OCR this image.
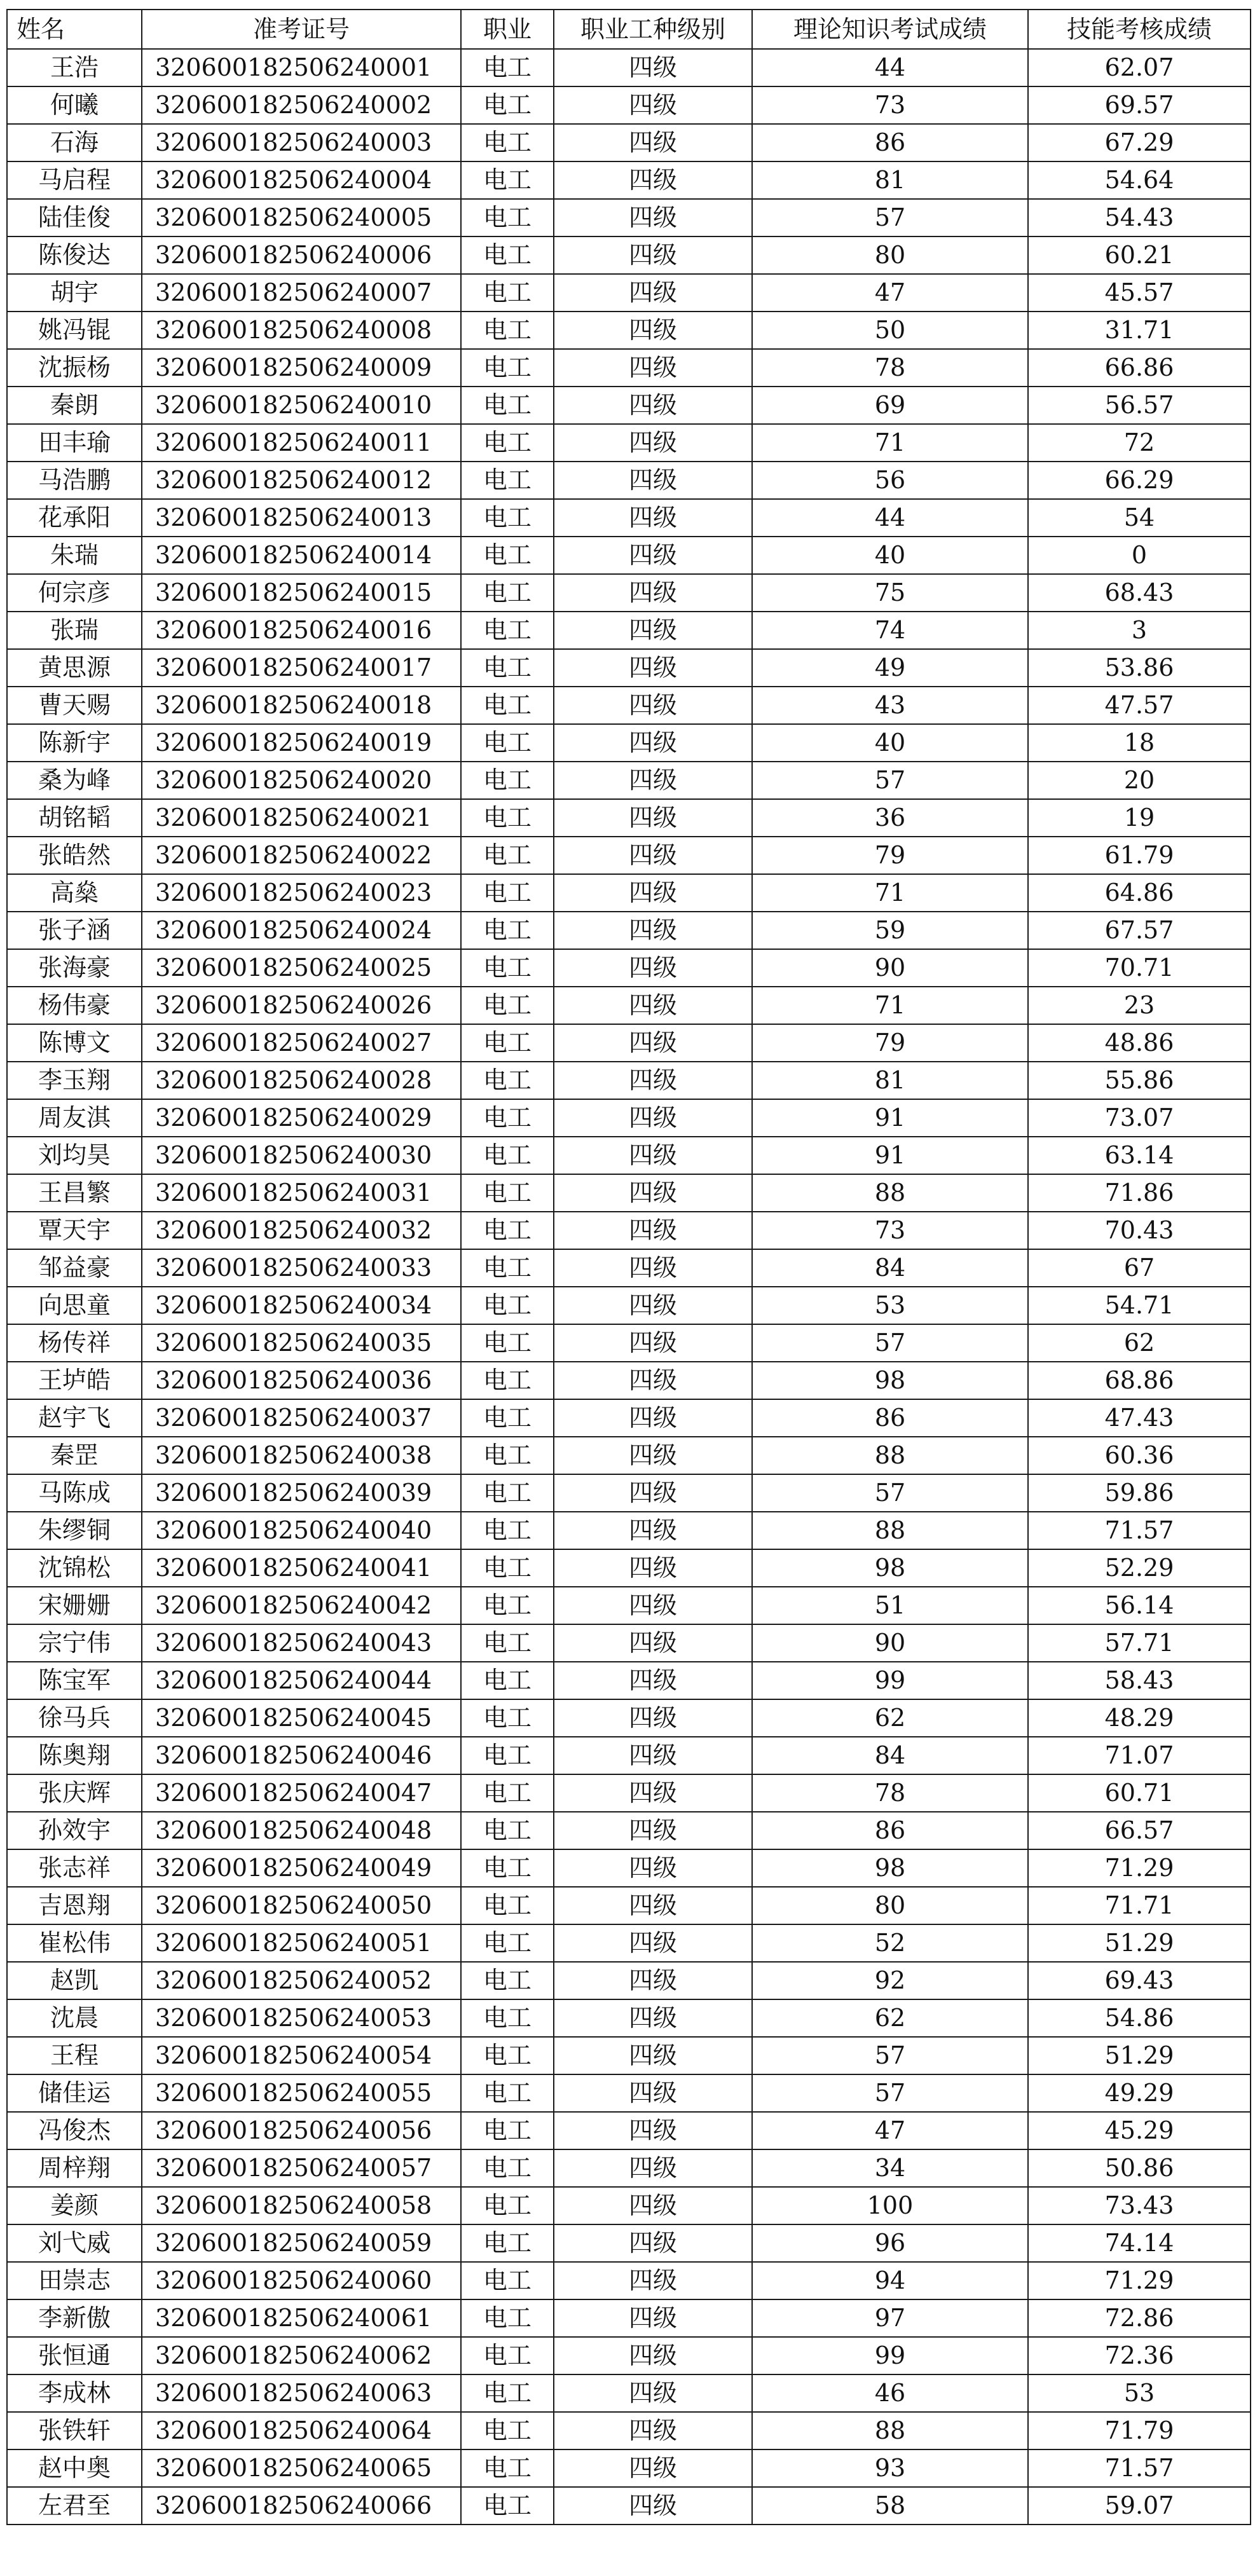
姓名	准考证号	职业	职业工种级别	理论知识考试成绩	技能考核成绩
王浩	320600182506240001	电工	四级	44	62.07
何曦	320600182506240002	电工	四级	73	69.57
石海	320600182506240003	电工	四级	86	67.29
马启程	320600182506240004	电工	四级	81	54.64
陆佳俊	320600182506240005	电工	四级	57	54.43
陈俊达	320600182506240006	电工	四级	80	60.21
胡宇	320600182506240007	电工	四级	47	45.57
姚冯锟	320600182506240008	电工	四级	50	31.71
沈振杨	320600182506240009	电工	四级	78	66.86
秦朗	320600182506240010	电工	四级	69	56.57
田丰瑜	320600182506240011	电工	四级	71	72
马浩鹏	320600182506240012	电工	四级	56	66.29
花承阳	320600182506240013	电工	四级	44	54
朱瑞	320600182506240014	电工	四级	40	0
何宗彦	320600182506240015	电工	四级	75	68.43
张瑞	320600182506240016	电工	四级	74	3
黄思源	320600182506240017	电工	四级	49	53.86
曹天赐	320600182506240018	电工	四级	43	47.57
陈新宇	320600182506240019	电工	四级	40	18
桑为峰	320600182506240020	电工	四级	57	20
胡铭韬	320600182506240021	电工	四级	36	19
张皓然	320600182506240022	电工	四级	79	61.79
高燊	320600182506240023	电工	四级	71	64.86
张子涵	320600182506240024	电工	四级	59	67.57
张海豪	320600182506240025	电工	四级	90	70.71
杨伟豪	320600182506240026	电工	四级	71	23
陈博文	320600182506240027	电工	四级	79	48.86
李玉翔	320600182506240028	电工	四级	81	55.86
周友淇	320600182506240029	电工	四级	91	73.07
刘均昊	320600182506240030	电工	四级	91	63.14
王昌繁	320600182506240031	电工	四级	88	71.86
覃天宇	320600182506240032	电工	四级	73	70.43
邹益豪	320600182506240033	电工	四级	84	67
向思童	320600182506240034	电工	四级	53	54.71
杨传祥	320600182506240035	电工	四级	57	62
王垆皓	320600182506240036	电工	四级	98	68.86
赵宇飞	320600182506240037	电工	四级	86	47.43
秦罡	320600182506240038	电工	四级	88	60.36
马陈成	320600182506240039	电工	四级	57	59.86
朱缪铜	320600182506240040	电工	四级	88	71.57
沈锦松	320600182506240041	电工	四级	98	52.29
宋姗姗	320600182506240042	电工	四级	51	56.14
宗宁伟	320600182506240043	电工	四级	90	57.71
陈宝军	320600182506240044	电工	四级	99	58.43
徐马兵	320600182506240045	电工	四级	62	48.29
陈奥翔	320600182506240046	电工	四级	84	71.07
张庆辉	320600182506240047	电工	四级	78	60.71
孙效宇	320600182506240048	电工	四级	86	66.57
张志祥	320600182506240049	电工	四级	98	71.29
吉恩翔	320600182506240050	电工	四级	80	71.71
崔松伟	320600182506240051	电工	四级	52	51.29
赵凯	320600182506240052	电工	四级	92	69.43
沈晨	320600182506240053	电工	四级	62	54.86
王程	320600182506240054	电工	四级	57	51.29
储佳运	320600182506240055	电工	四级	57	49.29
冯俊杰	320600182506240056	电工	四级	47	45.29
周梓翔	320600182506240057	电工	四级	34	50.86
姜颜	320600182506240058	电工	四级	100	73.43
刘弋威	320600182506240059	电工	四级	96	74.14
田崇志	320600182506240060	电工	四级	94	71.29
李新傲	320600182506240061	电工	四级	97	72.86
张恒通	320600182506240062	电工	四级	99	72.36
李成林	320600182506240063	电工	四级	46	53
张铁轩	320600182506240064	电工	四级	88	71.79
赵中奥	320600182506240065	电工	四级	93	71.57
左君至	320600182506240066	电工	四级	58	59.07
